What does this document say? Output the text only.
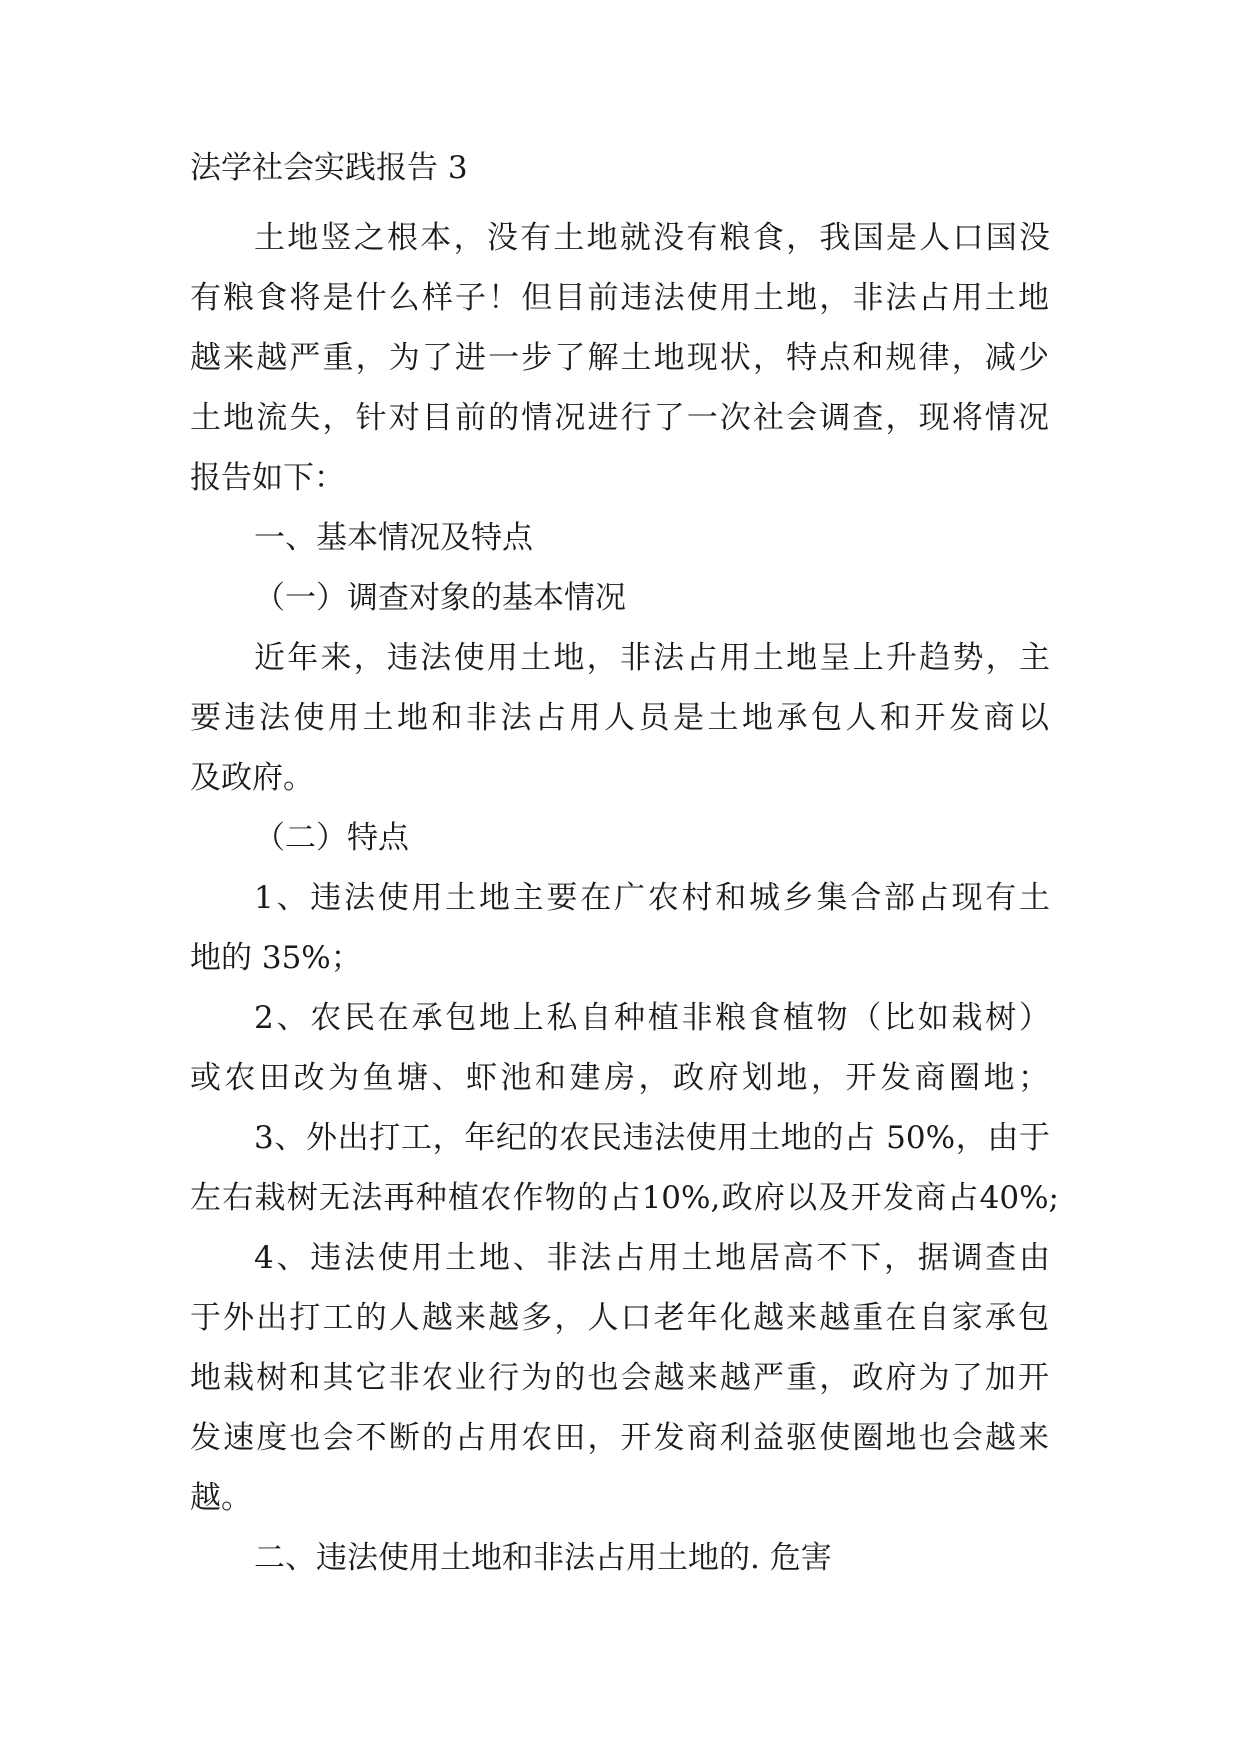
法学社会实践报告 3
土地竖之根本，没有土地就没有粮食，我国是人口国没
有粮食将是什么样子！但目前违法使用土地，非法占用土地
越来越严重，为了进一步了解土地现状，特点和规律，减少
土地流失，针对目前的情况进行了一次社会调查，现将情况
报告如下：
一、基本情况及特点
（一）调查对象的基本情况
近年来，违法使用土地，非法占用土地呈上升趋势，主
要违法使用土地和非法占用人员是土地承包人和开发商以
及政府。
（二）特点
1、违法使用土地主要在广农村和城乡集合部占现有土
地的 35%；
2、农民在承包地上私自种植非粮食植物（比如栽树）
或农田改为鱼塘、虾池和建房，政府划地，开发商圈地；
3、外出打工，年纪的农民违法使用土地的占 50%，由于
左右栽树无法再种植农作物的占10%,政府以及开发商占40%;
4、违法使用土地、非法占用土地居高不下，据调查由
于外出打工的人越来越多，人口老年化越来越重在自家承包
地栽树和其它非农业行为的也会越来越严重，政府为了加开
发速度也会不断的占用农田，开发商利益驱使圈地也会越来
越。
二、违法使用土地和非法占用土地的. 危害
